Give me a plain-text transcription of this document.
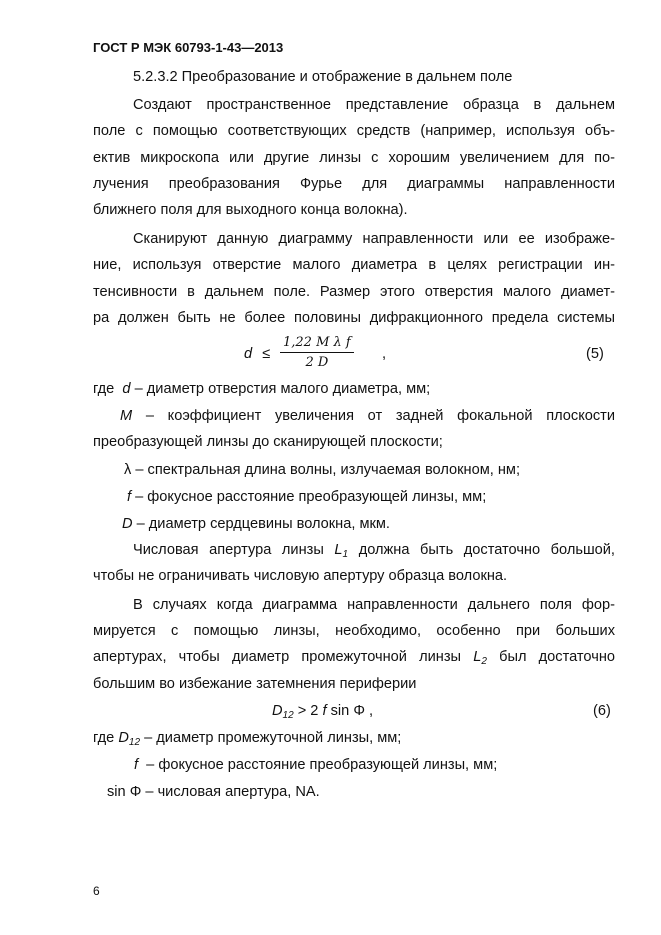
ГОСТ Р МЭК 60793-1-43—2013
5.2.3.2 Преобразование и отображение в дальнем поле
Создают пространственное представление образца в дальнем
поле с помощью соответствующих средств (например, используя объ-
ектив микроскопа или другие линзы с хорошим увеличением для по-
лучения преобразования Фурье для диаграммы направленности
ближнего поля для выходного конца волокна).
Сканируют данную диаграмму направленности или ее изображе-
ние, используя отверстие малого диаметра в целях регистрации ин-
тенсивности в дальнем поле. Размер этого отверстия малого диамет-
ра должен быть не более половины дифракционного предела системы
$d \le \frac{\text{1,22 M λ f}}{2 D}$ ,	(5)
где d – диаметр отверстия малого диаметра, мм;
M – коэффициент увеличения от задней фокальной плоскости
преобразующей линзы до сканирующей плоскости;
λ – спектральная длина волны, излучаемая волокном, нм;
f – фокусное расстояние преобразующей линзы, мм;
D – диаметр сердцевины волокна, мкм.
Числовая апертура линзы $L_1$ должна быть достаточно большой,
чтобы не ограничивать числовую апертуру образца волокна.
В случаях когда диаграмма направленности дальнего поля фор-
мируется с помощью линзы, необходимо, особенно при больших
апертурах, чтобы диаметр промежуточной линзы $L_2$ был достаточно
большим во избежание затемнения периферии
$D_{12} > 2$ f sin Φ ,	(6)
где $D_{12}$ – диаметр промежуточной линзы, мм;
f – фокусное расстояние преобразующей линзы, мм;
sin Φ – числовая апертура, NA.
6
